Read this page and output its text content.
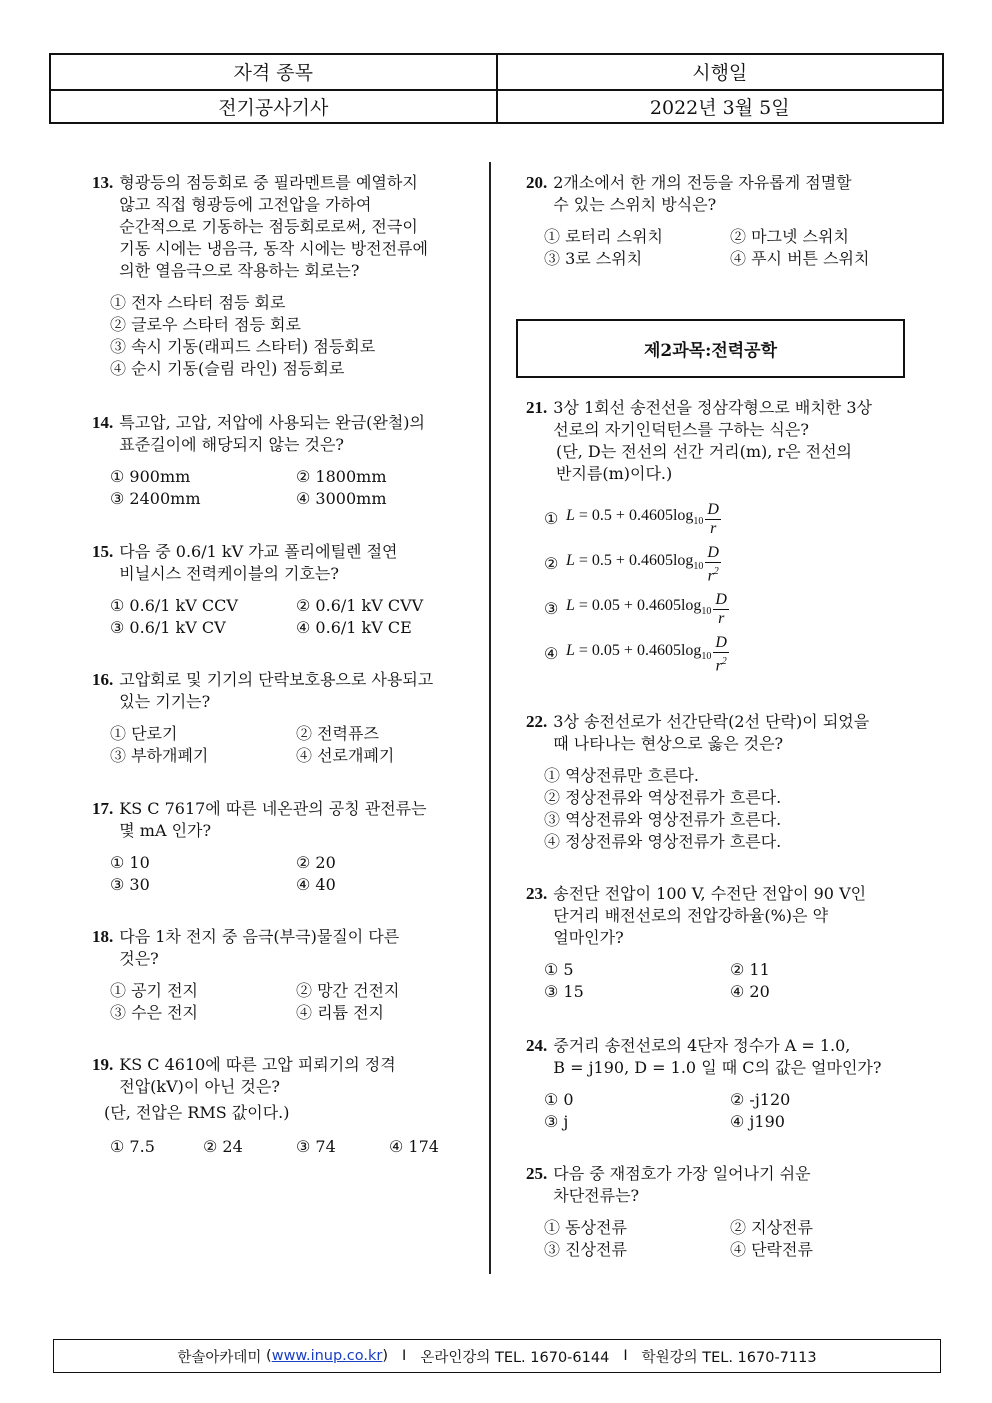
자격 종목	시행일
전기공사기사	2022년 3월 5일
13. 형광등의 점등회로 중 필라멘트를 예열하지
않고 직접 형광등에 고전압을 가하여
순간적으로 기동하는 점등회로로써, 전극이
기동 시에는 냉음극, 동작 시에는 방전전류에
의한 열음극으로 작용하는 회로는?
① 전자 스타터 점등 회로
② 글로우 스타터 점등 회로
③ 속시 기동(래피드 스타터) 점등회로
④ 순시 기동(슬림 라인) 점등회로
14. 특고압, 고압, 저압에 사용되는 완금(완철)의
표준길이에 해당되지 않는 것은?
① 900mm	② 1800mm
③ 2400mm	④ 3000mm
15. 다음 중 0.6/1 kV 가교 폴리에틸렌 절연
비닐시스 전력케이블의 기호는?
① 0.6/1 kV CCV	② 0.6/1 kV CVV
③ 0.6/1 kV CV	④ 0.6/1 kV CE
16. 고압회로 및 기기의 단락보호용으로 사용되고
있는 기기는?
① 단로기	② 전력퓨즈
③ 부하개폐기	④ 선로개폐기
17. KS C 7617에 따른 네온관의 공칭 관전류는
몇 mA 인가?
① 10	② 20
③ 30	④ 40
18. 다음 1차 전지 중 음극(부극)물질이 다른
것은?
① 공기 전지	② 망간 건전지
③ 수은 전지	④ 리튬 전지
19. KS C 4610에 따른 고압 피뢰기의 정격
전압(kV)이 아닌 것은?
(단, 전압은 RMS 값이다.)
① 7.5	② 24	③ 74	④ 174
20. 2개소에서 한 개의 전등을 자유롭게 점멸할
수 있는 스위치 방식은?
① 로터리 스위치	② 마그넷 스위치
③ 3로 스위치	④ 푸시 버튼 스위치
제2과목:전력공학
21. 3상 1회선 송전선을 정삼각형으로 배치한 3상
선로의 자기인덕턴스를 구하는 식은?
(단, D는 전선의 선간 거리(m), r은 전선의
반지름(m)이다.)
① $L = 0.5 + 0.4605\log_{10} \frac{D}{r}$
② $L = 0.5 + 0.4605\log_{10} \frac{D}{r^2}$
③ $L = 0.05 + 0.4605\log_{10} \frac{D}{r}$
④ $L = 0.05 + 0.4605\log_{10} \frac{D}{r^2}$
22. 3상 송전선로가 선간단락(2선 단락)이 되었을
때 나타나는 현상으로 옳은 것은?
① 역상전류만 흐른다.
② 정상전류와 역상전류가 흐른다.
③ 역상전류와 영상전류가 흐른다.
④ 정상전류와 영상전류가 흐른다.
23. 송전단 전압이 100 V, 수전단 전압이 90 V인
단거리 배전선로의 전압강하율(%)은 약
얼마인가?
① 5	② 11
③ 15	④ 20
24. 중거리 송전선로의 4단자 정수가 A = 1.0,
B = j190, D = 1.0 일 때 C의 값은 얼마인가?
① 0	② -j120
③ j	④ j190
25. 다음 중 재점호가 가장 일어나기 쉬운
차단전류는?
① 동상전류	② 지상전류
③ 진상전류	④ 단락전류
한솔아카데미 ( www.inup.co.kr ) I 온라인강의 TEL. 1670-6144 I 학원강의 TEL. 1670-7113
